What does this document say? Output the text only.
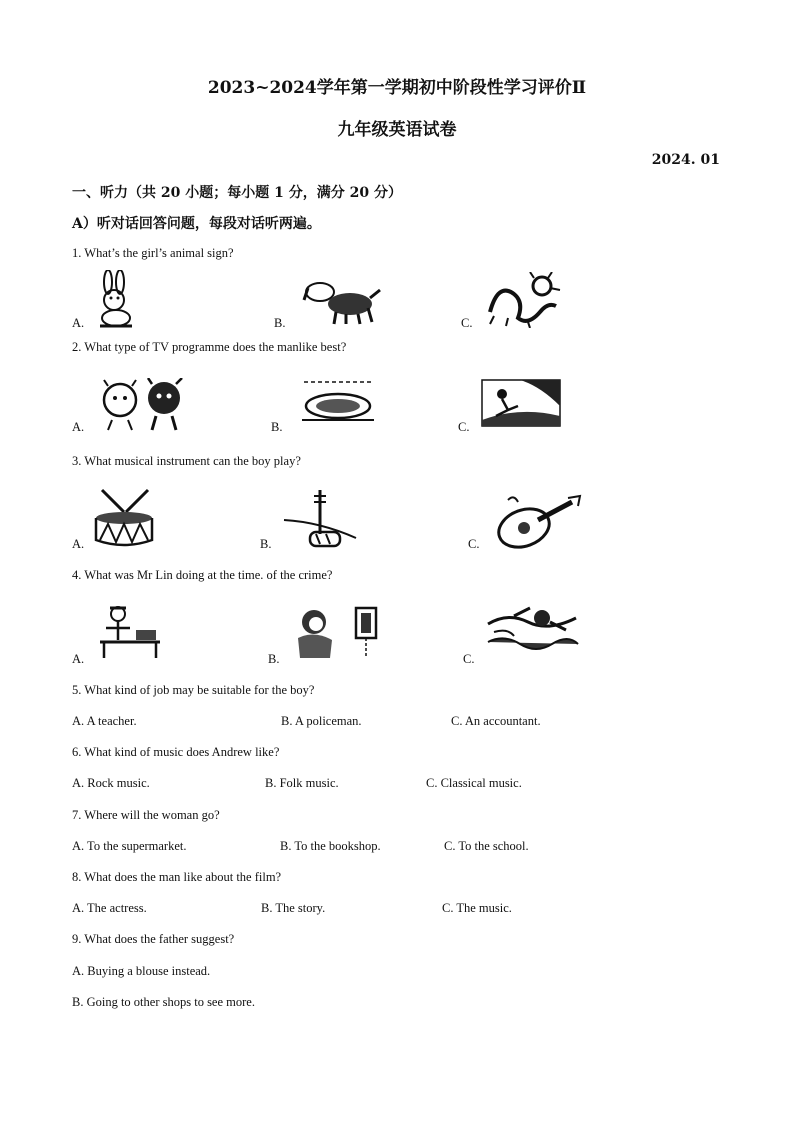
2023~2024学年第一学期初中阶段性学习评价Ⅱ
九年级英语试卷
2024. 01
一、听力（共 20 小题；每小题 1 分，满分 20 分）
A）听对话回答问题，每段对话听两遍。
1. What’s the girl’s animal sign?
A.	B.	C.
2. What type of TV programme does the manlike best?
A.	B.	C.
3. What musical instrument can the boy play?
A.	B.	C.
4. What was Mr Lin doing at the time. of the crime?
A.	B.	C.
5. What kind of job may be suitable for the boy?
A. A teacher.	B. A policeman.	C. An accountant.
6. What kind of music does Andrew like?
A. Rock music.	B. Folk music.	C. Classical music.
7. Where will the woman go?
A. To the supermarket.	B. To the bookshop.	C. To the school.
8. What does the man like about the film?
A. The actress.	B. The story.	C. The music.
9. What does the father suggest?
A. Buying a blouse instead.
B. Going to other shops to see more.
